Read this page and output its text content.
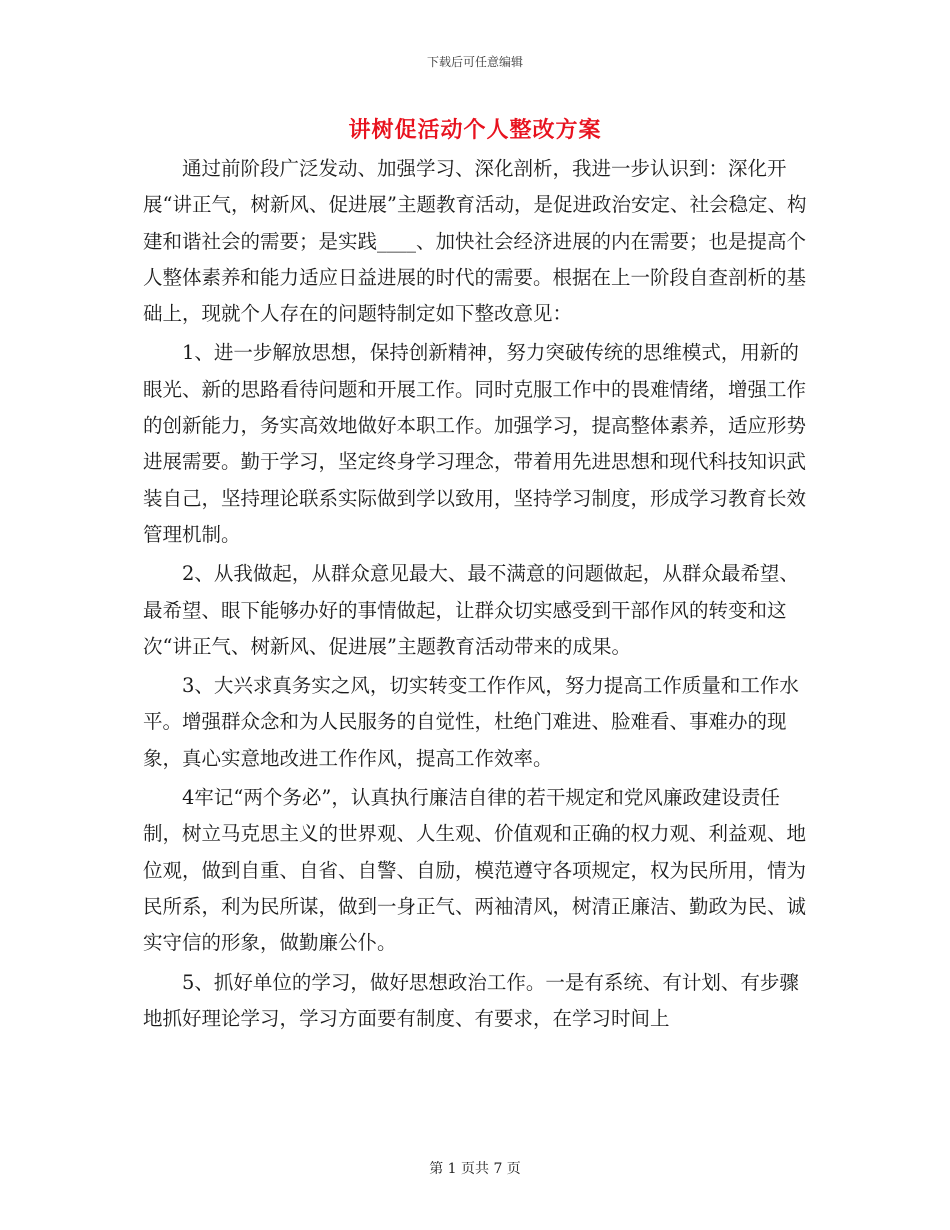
下载后可任意编辑
讲树促活动个人整改方案

通过前阶段广泛发动、加强学习、深化剖析，我进一步认识到：深化开展“讲正气，树新风、促进展”主题教育活动，是促进政治安定、社会稳定、构建和谐社会的需要；是实践____、加快社会经济进展的内在需要；也是提高个人整体素养和能力适应日益进展的时代的需要。根据在上一阶段自查剖析的基础上，现就个人存在的问题特制定如下整改意见：

1、进一步解放思想，保持创新精神，努力突破传统的思维模式，用新的眼光、新的思路看待问题和开展工作。同时克服工作中的畏难情绪，增强工作的创新能力，务实高效地做好本职工作。加强学习，提高整体素养，适应形势进展需要。勤于学习，坚定终身学习理念，带着用先进思想和现代科技知识武装自己，坚持理论联系实际做到学以致用，坚持学习制度，形成学习教育长效管理机制。

2、从我做起，从群众意见最大、最不满意的问题做起，从群众最希望、最希望、眼下能够办好的事情做起，让群众切实感受到干部作风的转变和这次“讲正气、树新风、促进展”主题教育活动带来的成果。

3、大兴求真务实之风，切实转变工作作风，努力提高工作质量和工作水平。增强群众念和为人民服务的自觉性，杜绝门难进、脸难看、事难办的现象，真心实意地改进工作作风，提高工作效率。

4牢记“两个务必”，认真执行廉洁自律的若干规定和党风廉政建设责任制，树立马克思主义的世界观、人生观、价值观和正确的权力观、利益观、地位观，做到自重、自省、自警、自励，模范遵守各项规定，权为民所用，情为民所系，利为民所谋，做到一身正气、两袖清风，树清正廉洁、勤政为民、诚实守信的形象，做勤廉公仆。

5、抓好单位的学习，做好思想政治工作。一是有系统、有计划、有步骤地抓好理论学习，学习方面要有制度、有要求，在学习时间上

第 1 页共 7 页
